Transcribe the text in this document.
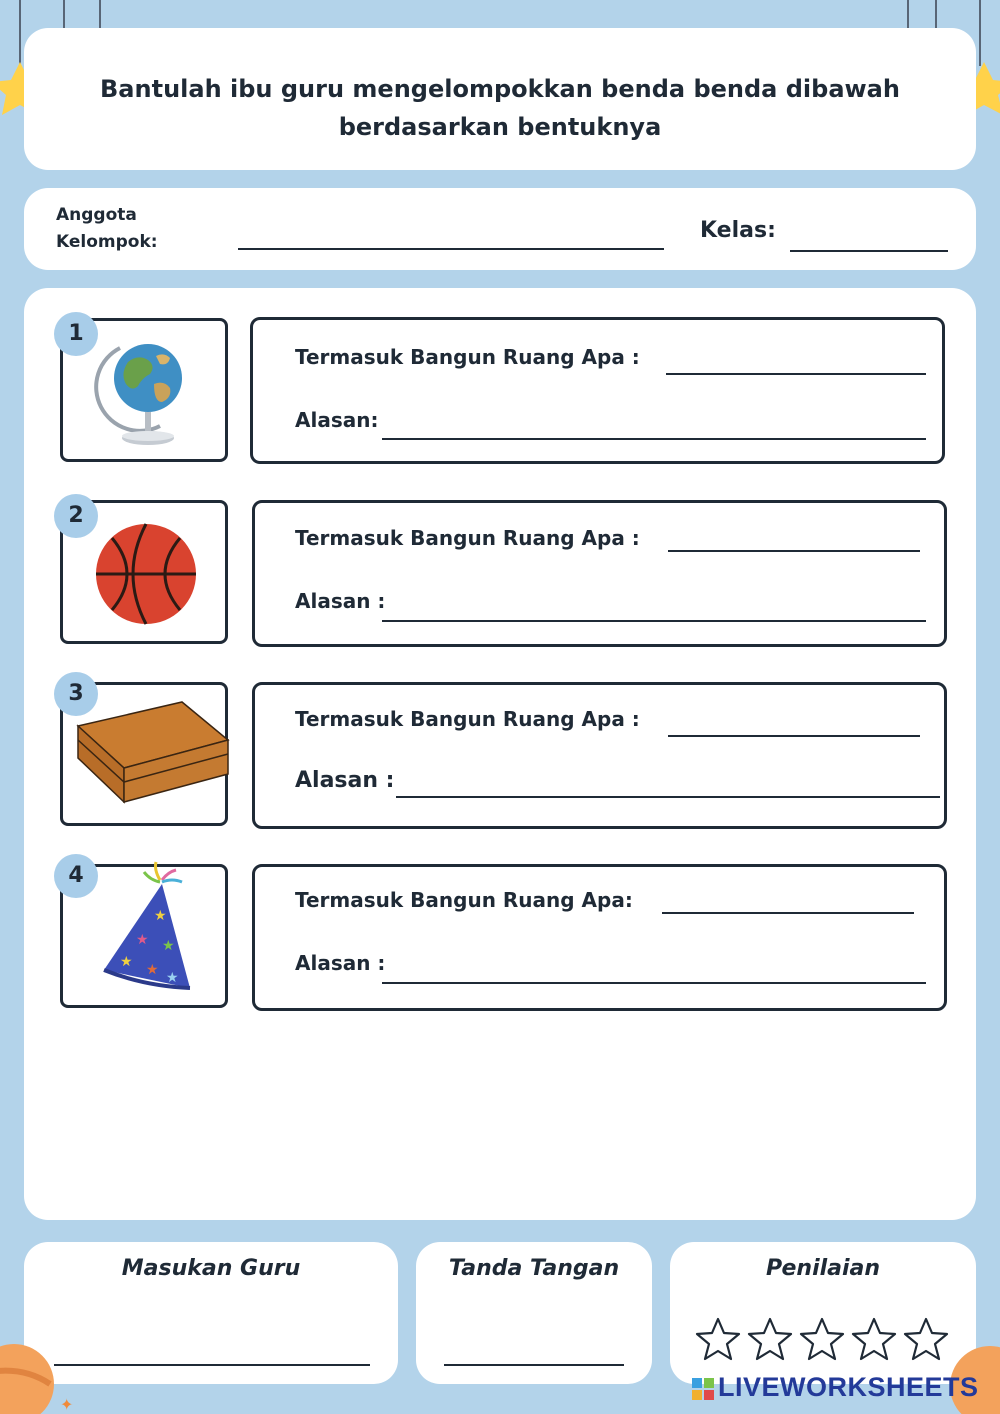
Bantulah ibu guru mengelompokkan benda benda dibawah berdasarkan bentuknya
Anggota Kelompok:	Kelas:
1
Termasuk Bangun Ruang Apa :
Alasan:
2
Termasuk Bangun Ruang Apa :
Alasan :
3
Termasuk Bangun Ruang Apa :
Alasan :
★
★ ★
★ ★ ★
4
Termasuk Bangun Ruang Apa:
Alasan :
Masukan Guru	Tanda Tangan	Penilaian
✦
LIVEWORKSHEETS
